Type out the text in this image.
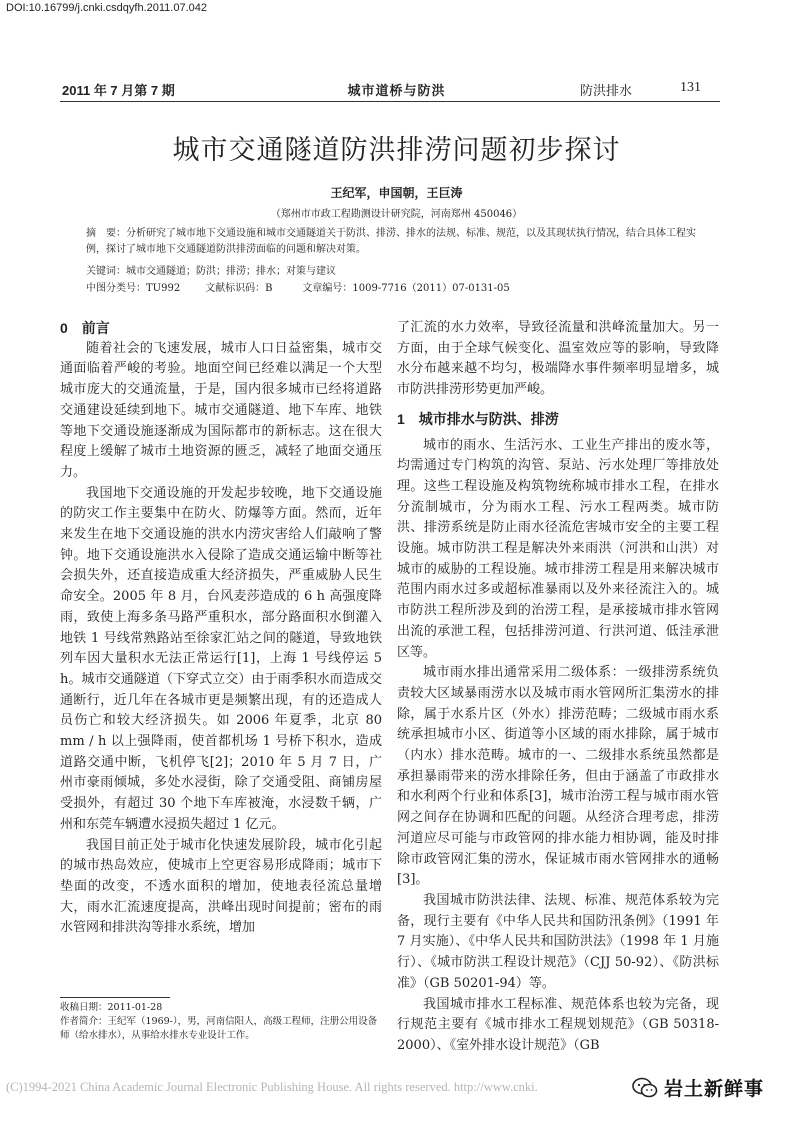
DOI:10.16799/j.cnki.csdqyfh.2011.07.042
2011 年 7 月第 7 期	城市道桥与防洪	防洪排水	131
城市交通隧道防洪排涝问题初步探讨
王纪军，申国朝，王巨涛
（郑州市市政工程勘测设计研究院，河南郑州 450046）
摘　要：分析研究了城市地下交通设施和城市交通隧道关于防洪、排涝、排水的法规、标准、规范，以及其现状执行情况，结合具体工程实例，探讨了城市地下交通隧道防洪排涝面临的问题和解决对策。
关键词：城市交通隧道；防洪；排涝；排水；对策与建议
中图分类号：TU992	文献标识码：B	文章编号：1009-7716（2011）07-0131-05

0　前言

随着社会的飞速发展，城市人口日益密集，城市交通面临着严峻的考验。地面空间已经难以满足一个大型城市庞大的交通流量，于是，国内很多城市已经将道路交通建设延续到地下。城市交通隧道、地下车库、地铁等地下交通设施逐渐成为国际都市的新标志。这在很大程度上缓解了城市土地资源的匮乏，减轻了地面交通压力。

我国地下交通设施的开发起步较晚，地下交通设施的防灾工作主要集中在防火、防爆等方面。然而，近年来发生在地下交通设施的洪水内涝灾害给人们敲响了警钟。地下交通设施洪水入侵除了造成交通运输中断等社会损失外，还直接造成重大经济损失，严重威胁人民生命安全。2005 年 8 月，台风麦莎造成的 6 h 高强度降雨，致使上海多条马路严重积水，部分路面积水倒灌入地铁 1 号线常熟路站至徐家汇站之间的隧道，导致地铁列车因大量积水无法正常运行[1]，上海 1 号线停运 5 h。城市交通隧道（下穿式立交）由于雨季积水而造成交通断行，近几年在各城市更是频繁出现，有的还造成人员伤亡和较大经济损失。如 2006 年夏季，北京 80 mm / h 以上强降雨，使首都机场 1 号桥下积水，造成道路交通中断，飞机停飞[2]；2010 年 5 月 7 日，广州市豪雨倾城，多处水浸街，除了交通受阻、商铺房屋受损外，有超过 30 个地下车库被淹，水浸数千辆，广州和东莞车辆遭水浸损失超过 1 亿元。

我国目前正处于城市化快速发展阶段，城市化引起的城市热岛效应，使城市上空更容易形成降雨；城市下垫面的改变，不透水面积的增加，使地表径流总量增大，雨水汇流速度提高，洪峰出现时间提前；密布的雨水管网和排洪沟等排水系统，增加

了汇流的水力效率，导致径流量和洪峰流量加大。另一方面，由于全球气候变化、温室效应等的影响，导致降水分布越来越不均匀，极端降水事件频率明显增多，城市防洪排涝形势更加严峻。

1　城市排水与防洪、排涝

城市的雨水、生活污水、工业生产排出的废水等，均需通过专门构筑的沟管、泵站、污水处理厂等排放处理。这些工程设施及构筑物统称城市排水工程，在排水分流制城市，分为雨水工程、污水工程两类。城市防洪、排涝系统是防止雨水径流危害城市安全的主要工程设施。城市防洪工程是解决外来雨洪（河洪和山洪）对城市的威胁的工程设施。城市排涝工程是用来解决城市范围内雨水过多或超标准暴雨以及外来径流注入的。城市防洪工程所涉及到的治涝工程，是承接城市排水管网出流的承泄工程，包括排涝河道、行洪河道、低洼承泄区等。

城市雨水排出通常采用二级体系：一级排涝系统负责较大区域暴雨涝水以及城市雨水管网所汇集涝水的排除，属于水系片区（外水）排涝范畴；二级城市雨水系统承担城市小区、街道等小区域的雨水排除，属于城市（内水）排水范畴。城市的一、二级排水系统虽然都是承担暴雨带来的涝水排除任务，但由于涵盖了市政排水和水利两个行业和体系[3]，城市治涝工程与城市雨水管网之间存在协调和匹配的问题。从经济合理考虑，排涝河道应尽可能与市政管网的排水能力相协调，能及时排除市政管网汇集的涝水，保证城市雨水管网排水的通畅[3]。

我国城市防洪法律、法规、标准、规范体系较为完备，现行主要有《中华人民共和国防汛条例》（1991 年 7 月实施）、《中华人民共和国防洪法》（1998 年 1 月施行）、《城市防洪工程设计规范》（CJJ 50-92）、《防洪标准》（GB 50201-94）等。

我国城市排水工程标准、规范体系也较为完备，现行规范主要有《城市排水工程规划规范》（GB 50318-2000）、《室外排水设计规范》（GB

收稿日期：2011-01-28
作者简介：王纪军（1969-），男，河南信阳人，高级工程师，注册公用设备师（给水排水），从事给水排水专业设计工作。
(C)1994-2021 China Academic Journal Electronic Publishing House. All rights reserved. http://www.cnki.	岩土新鲜事
